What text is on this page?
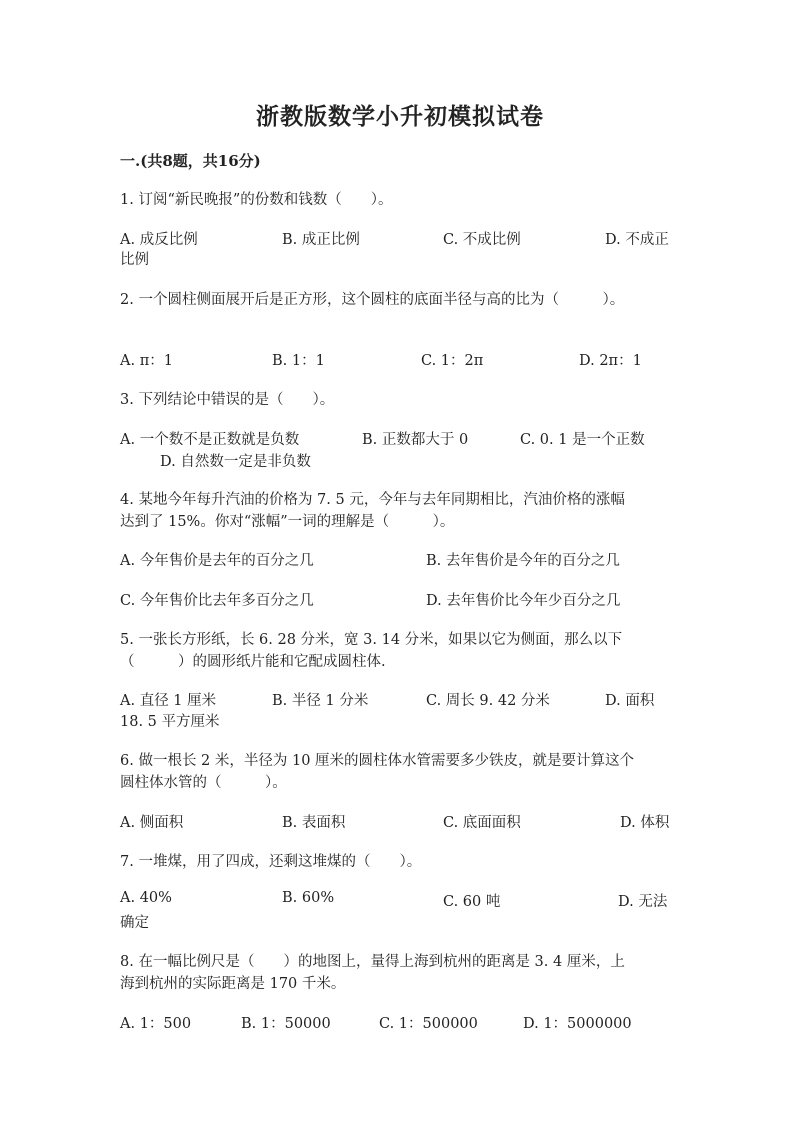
浙教版数学小升初模拟试卷
一.(共8题，共16分)
1. 订阅“新民晚报”的份数和钱数（　　）。
A. 成反比例	B. 成正比例	C. 不成比例	D. 不成正
比例
2. 一个圆柱侧面展开后是正方形，这个圆柱的底面半径与高的比为（　　　）。
A. π：1	B. 1：1	C. 1：2π	D. 2π：1
3. 下列结论中错误的是（　　）。
A. 一个数不是正数就是负数	B. 正数都大于 0	C. 0. 1 是一个正数
D. 自然数一定是非负数
4. 某地今年每升汽油的价格为 7. 5 元，今年与去年同期相比，汽油价格的涨幅
达到了 15%。你对“涨幅”一词的理解是（　　　）。
A. 今年售价是去年的百分之几	B. 去年售价是今年的百分之几
C. 今年售价比去年多百分之几	D. 去年售价比今年少百分之几
5. 一张长方形纸，长 6. 28 分米，宽 3. 14 分米，如果以它为侧面，那么以下
（　　　）的圆形纸片能和它配成圆柱体.
A. 直径 1 厘米	B. 半径 1 分米	C. 周长 9. 42 分米	D. 面积
18. 5 平方厘米
6. 做一根长 2 米，半径为 10 厘米的圆柱体水管需要多少铁皮，就是要计算这个
圆柱体水管的（　　　）。
A. 侧面积	B. 表面积	C. 底面面积	D. 体积
7. 一堆煤，用了四成，还剩这堆煤的（　　）。
A. 40%	B. 60%	C. 60 吨	D. 无法
确定
8. 在一幅比例尺是（　　）的地图上，量得上海到杭州的距离是 3. 4 厘米，上
海到杭州的实际距离是 170 千米。
A. 1：500	B. 1：50000	C. 1：500000	D. 1：5000000
